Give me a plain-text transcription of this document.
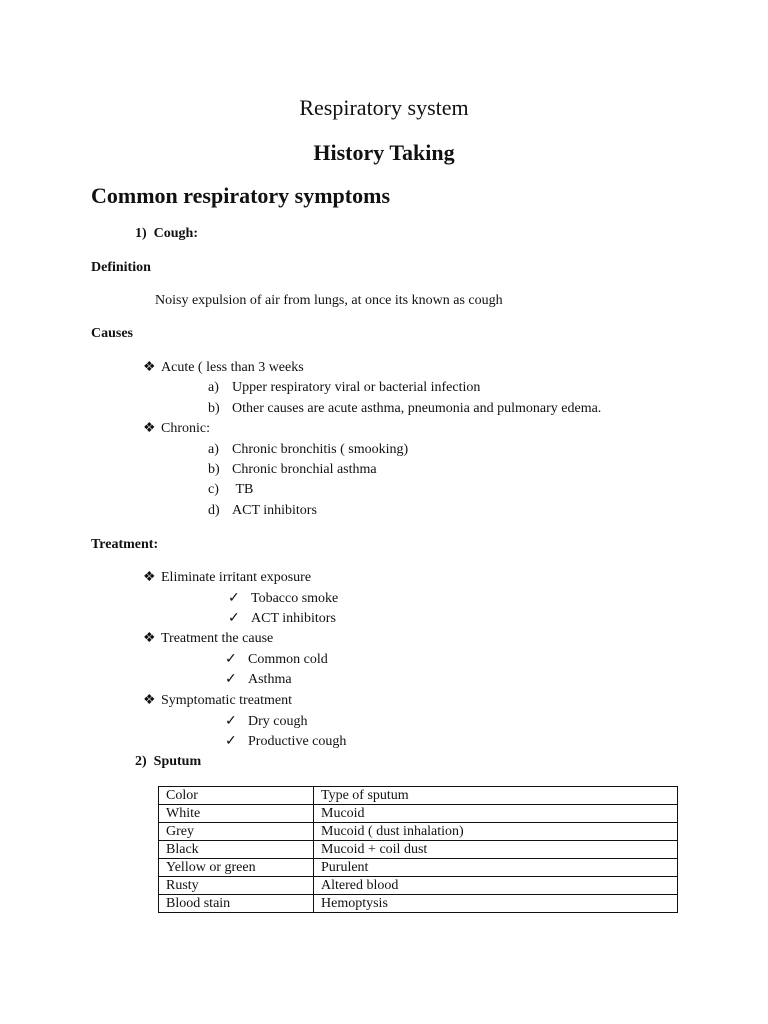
Respiratory system
History Taking
Common respiratory symptoms
1)  Cough:
Definition
Noisy expulsion of air from lungs, at once its known as cough
Causes
❖ Acute ( less than 3 weeks
a) Upper respiratory viral or bacterial infection
b) Other causes are acute asthma, pneumonia and pulmonary edema.
❖ Chronic:
a) Chronic bronchitis ( smooking)
b) Chronic bronchial asthma
c) TB
d) ACT inhibitors
Treatment:
❖ Eliminate irritant exposure
✓ Tobacco smoke
✓ ACT inhibitors
❖ Treatment the cause
✓ Common cold
✓ Asthma
❖ Symptomatic treatment
✓ Dry cough
✓ Productive cough
2)  Sputum
Color	Type of sputum
White	Mucoid
Grey	Mucoid ( dust inhalation)
Black	Mucoid + coil dust
Yellow or green	Purulent
Rusty	Altered blood
Blood stain	Hemoptysis
